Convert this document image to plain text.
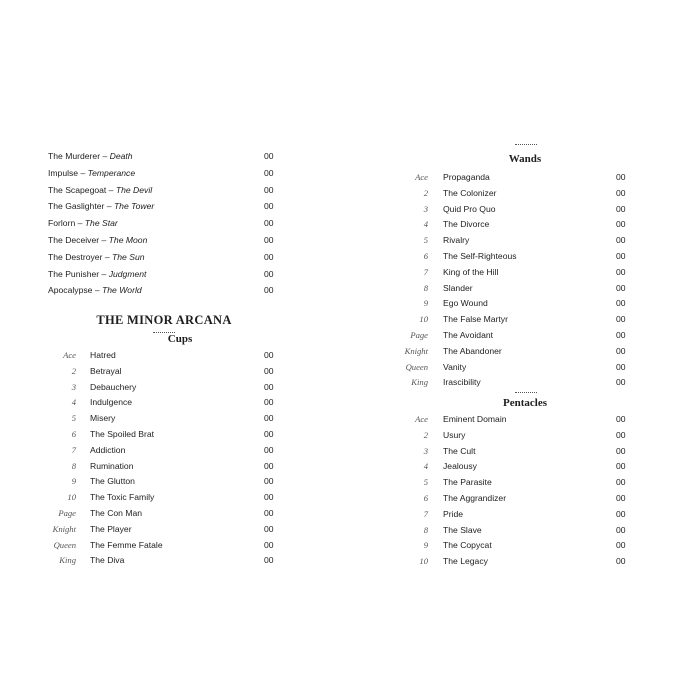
The Murderer – Death	00
Impulse – Temperance	00
The Scapegoat – The Devil	00
The Gaslighter – The Tower	00
Forlorn – The Star	00
The Deceiver – The Moon	00
The Destroyer – The Sun	00
The Punisher – Judgment	00
Apocalypse – The World	00
THE MINOR ARCANA
Cups
Ace Hatred	00
2 Betrayal	00
3 Debauchery	00
4 Indulgence	00
5 Misery	00
6 The Spoiled Brat	00
7 Addiction	00
8 Rumination	00
9 The Glutton	00
10 The Toxic Family	00
Page The Con Man	00
Knight The Player	00
Queen The Femme Fatale	00
King The Diva	00
Wands
Ace Propaganda	00
2 The Colonizer	00
3 Quid Pro Quo	00
4 The Divorce	00
5 Rivalry	00
6 The Self-Righteous	00
7 King of the Hill	00
8 Slander	00
9 Ego Wound	00
10 The False Martyr	00
Page The Avoidant	00
Knight The Abandoner	00
Queen Vanity	00
King Irascibility	00
Pentacles
Ace Eminent Domain	00
2 Usury	00
3 The Cult	00
4 Jealousy	00
5 The Parasite	00
6 The Aggrandizer	00
7 Pride	00
8 The Slave	00
9 The Copycat	00
10 The Legacy	00
